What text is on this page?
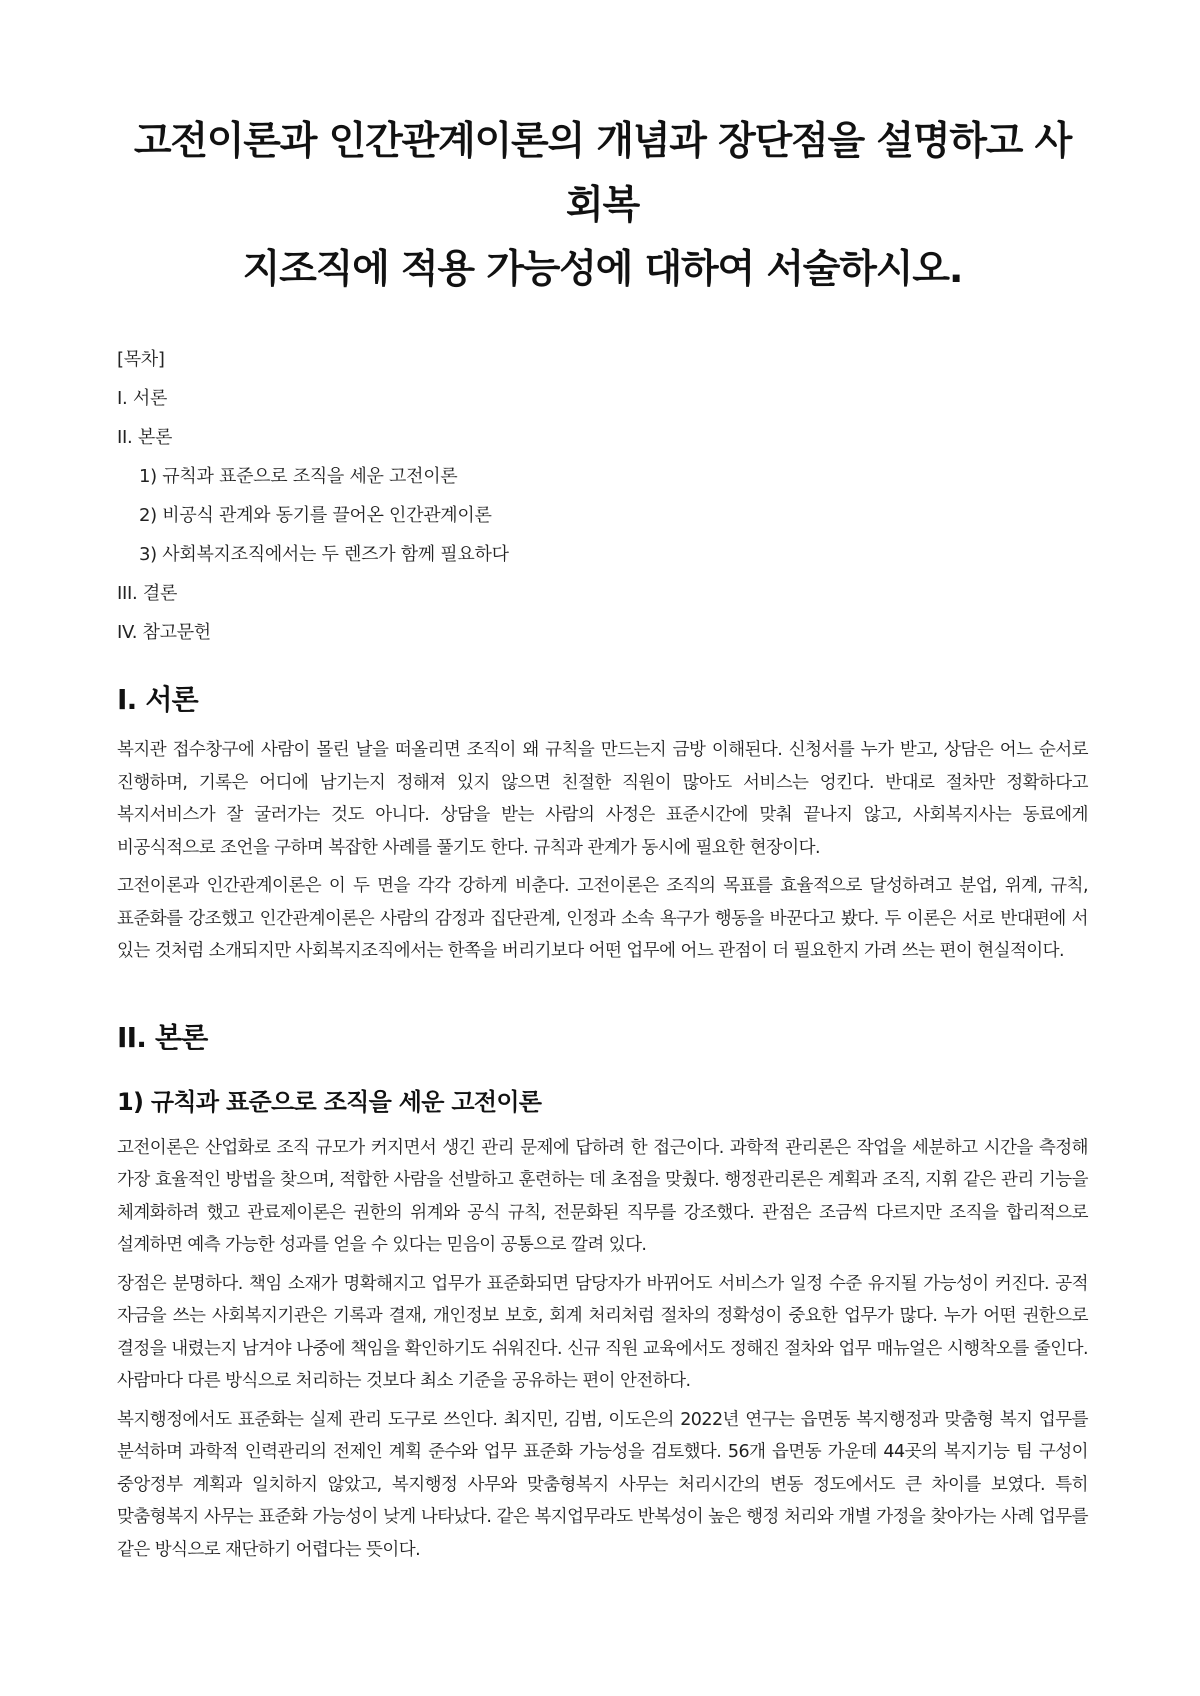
고전이론과 인간관계이론의 개념과 장단점을 설명하고 사회복
지조직에 적용 가능성에 대하여 서술하시오.
[목차]
I. 서론
II. 본론
1) 규칙과 표준으로 조직을 세운 고전이론
2) 비공식 관계와 동기를 끌어온 인간관계이론
3) 사회복지조직에서는 두 렌즈가 함께 필요하다
III. 결론
IV. 참고문헌
I. 서론

복지관 접수창구에 사람이 몰린 날을 떠올리면 조직이 왜 규칙을 만드는지 금방 이해된다. 신청서를 누가 받고, 상담은 어느 순서로 진행하며, 기록은 어디에 남기는지 정해져 있지 않으면 친절한 직원이 많아도 서비스는 엉킨다. 반대로 절차만 정확하다고 복지서비스가 잘 굴러가는 것도 아니다. 상담을 받는 사람의 사정은 표준시간에 맞춰 끝나지 않고, 사회복지사는 동료에게 비공식적으로 조언을 구하며 복잡한 사례를 풀기도 한다. 규칙과 관계가 동시에 필요한 현장이다.

고전이론과 인간관계이론은 이 두 면을 각각 강하게 비춘다. 고전이론은 조직의 목표를 효율적으로 달성하려고 분업, 위계, 규칙, 표준화를 강조했고 인간관계이론은 사람의 감정과 집단관계, 인정과 소속 욕구가 행동을 바꾼다고 봤다. 두 이론은 서로 반대편에 서 있는 것처럼 소개되지만 사회복지조직에서는 한쪽을 버리기보다 어떤 업무에 어느 관점이 더 필요한지 가려 쓰는 편이 현실적이다.

II. 본론
1) 규칙과 표준으로 조직을 세운 고전이론

고전이론은 산업화로 조직 규모가 커지면서 생긴 관리 문제에 답하려 한 접근이다. 과학적 관리론은 작업을 세분하고 시간을 측정해 가장 효율적인 방법을 찾으며, 적합한 사람을 선발하고 훈련하는 데 초점을 맞췄다. 행정관리론은 계획과 조직, 지휘 같은 관리 기능을 체계화하려 했고 관료제이론은 권한의 위계와 공식 규칙, 전문화된 직무를 강조했다. 관점은 조금씩 다르지만 조직을 합리적으로 설계하면 예측 가능한 성과를 얻을 수 있다는 믿음이 공통으로 깔려 있다.

장점은 분명하다. 책임 소재가 명확해지고 업무가 표준화되면 담당자가 바뀌어도 서비스가 일정 수준 유지될 가능성이 커진다. 공적 자금을 쓰는 사회복지기관은 기록과 결재, 개인정보 보호, 회계 처리처럼 절차의 정확성이 중요한 업무가 많다. 누가 어떤 권한으로 결정을 내렸는지 남겨야 나중에 책임을 확인하기도 쉬워진다. 신규 직원 교육에서도 정해진 절차와 업무 매뉴얼은 시행착오를 줄인다. 사람마다 다른 방식으로 처리하는 것보다 최소 기준을 공유하는 편이 안전하다.

복지행정에서도 표준화는 실제 관리 도구로 쓰인다. 최지민, 김범, 이도은의 2022년 연구는 읍면동 복지행정과 맞춤형 복지 업무를 분석하며 과학적 인력관리의 전제인 계획 준수와 업무 표준화 가능성을 검토했다. 56개 읍면동 가운데 44곳의 복지기능 팀 구성이 중앙정부 계획과 일치하지 않았고, 복지행정 사무와 맞춤형복지 사무는 처리시간의 변동 정도에서도 큰 차이를 보였다. 특히 맞춤형복지 사무는 표준화 가능성이 낮게 나타났다. 같은 복지업무라도 반복성이 높은 행정 처리와 개별 가정을 찾아가는 사례 업무를 같은 방식으로 재단하기 어렵다는 뜻이다.
